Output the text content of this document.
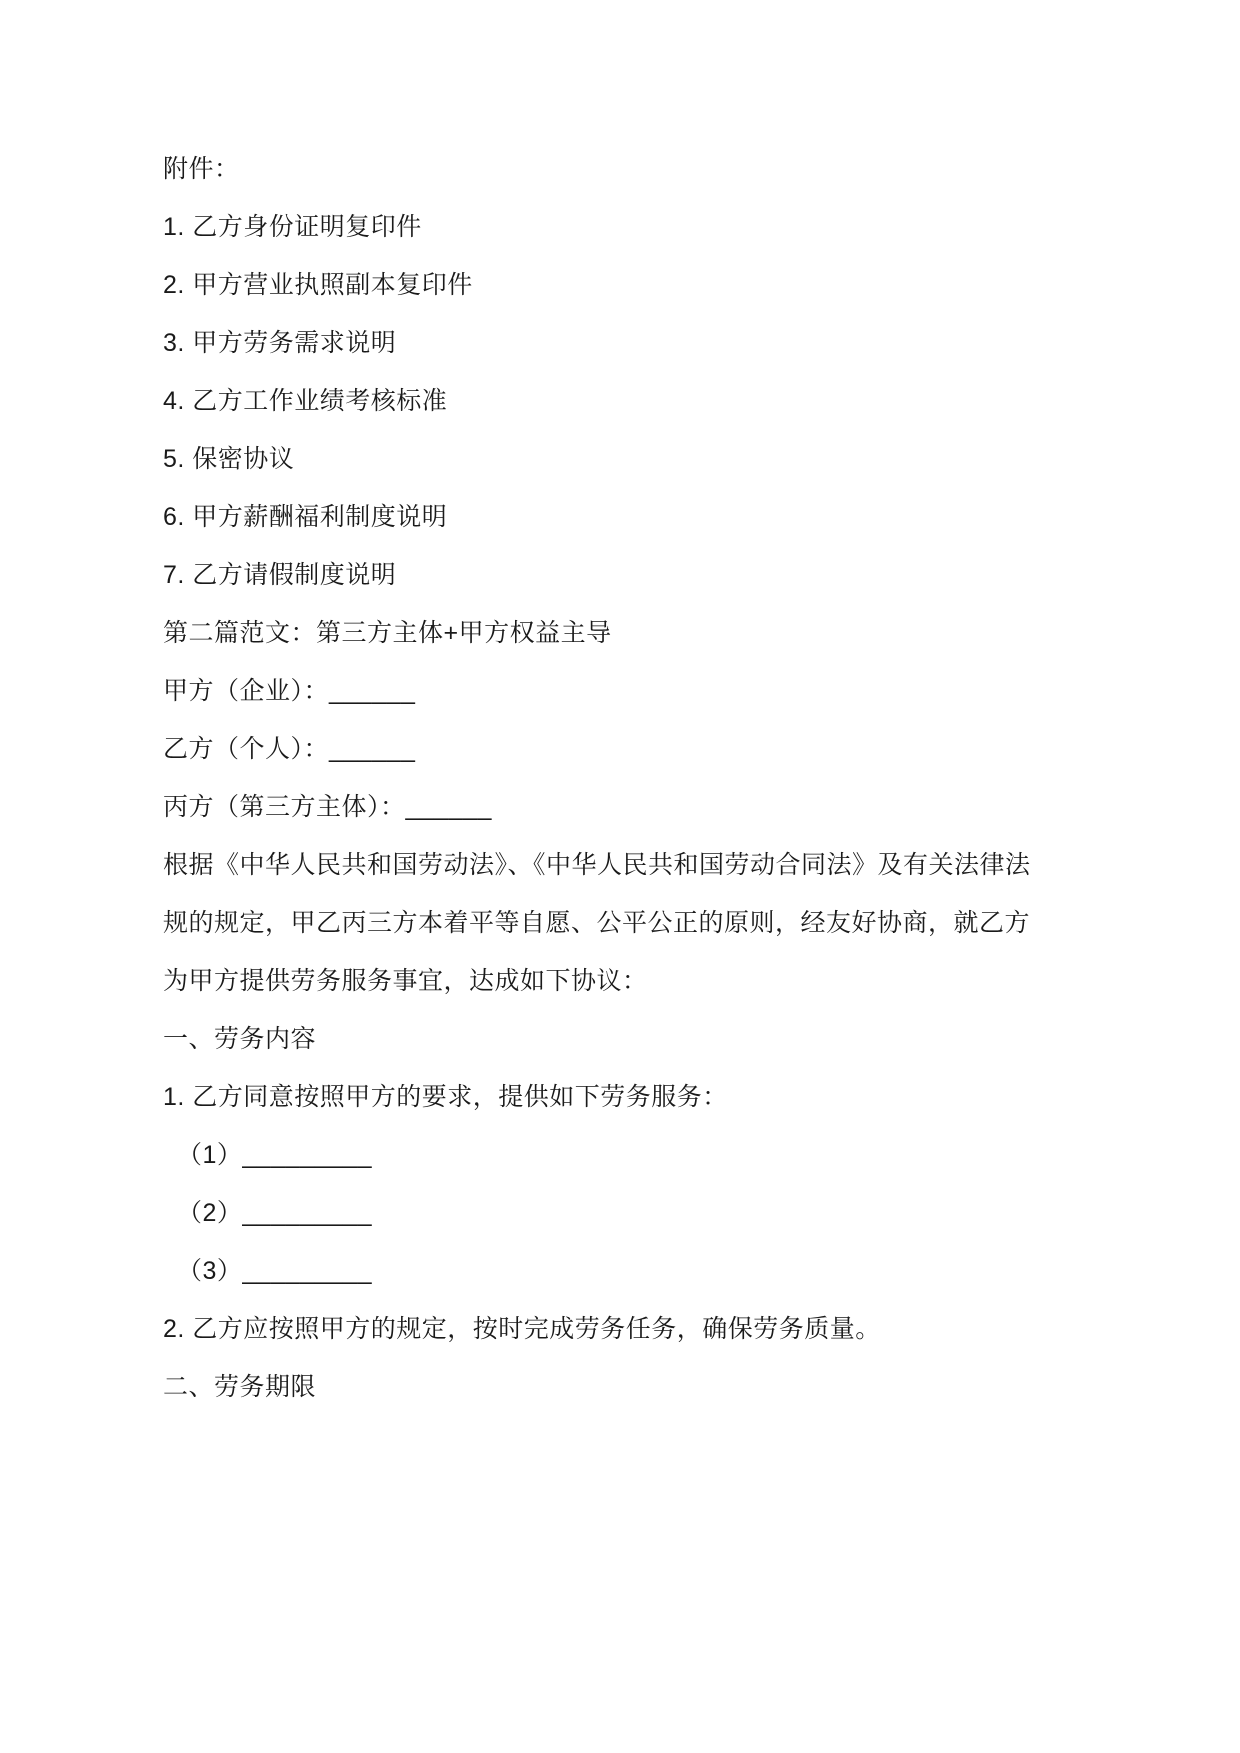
附件：
1. 乙方身份证明复印件
2. 甲方营业执照副本复印件
3. 甲方劳务需求说明
4. 乙方工作业绩考核标准
5. 保密协议
6. 甲方薪酬福利制度说明
7. 乙方请假制度说明
第二篇范文：第三方主体+甲方权益主导
甲方（企业）：______
乙方（个人）：______
丙方（第三方主体）：______
根据《中华人民共和国劳动法》、《中华人民共和国劳动合同法》及有关法律法
规的规定，甲乙丙三方本着平等自愿、公平公正的原则，经友好协商，就乙方
为甲方提供劳务服务事宜，达成如下协议：
一、劳务内容
1. 乙方同意按照甲方的要求，提供如下劳务服务：
（1）_________
（2）_________
（3）_________
2. 乙方应按照甲方的规定，按时完成劳务任务，确保劳务质量。
二、劳务期限
